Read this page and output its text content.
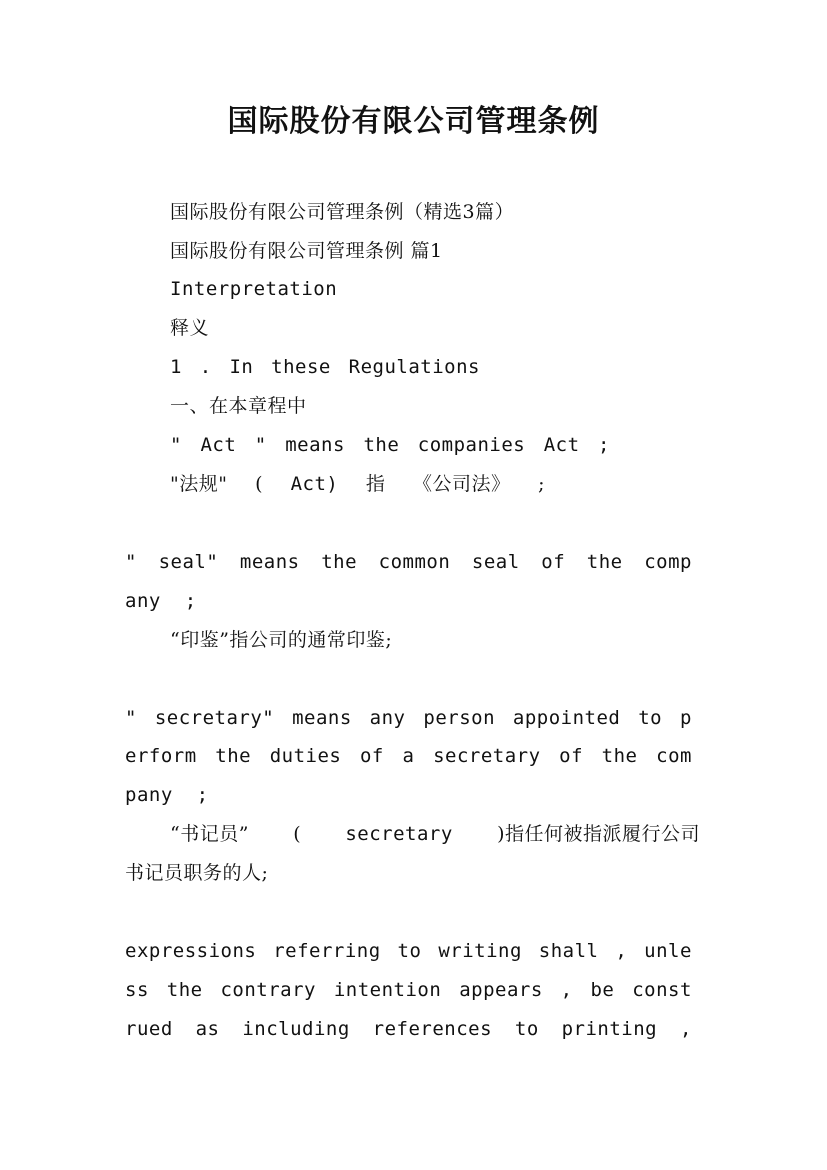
国际股份有限公司管理条例
国际股份有限公司管理条例（精选3篇）
国际股份有限公司管理条例 篇1
Interpretation
释义
1 . In these Regulations
一、在本章程中
" Act " means the companies Act ;
"法规" ( Act) 指 《公司法》 ;
" seal" means the common seal of the comp
any  ;
“印鉴”指公司的通常印鉴;
" secretary" means any person appointed to p
erform the duties of a secretary of the com
pany  ;
“书记员” ( secretary )指任何被指派履行公司
书记员职务的人;
expressions referring to writing shall , unle
ss the contrary intention appears , be const
rued as including references to printing ,
